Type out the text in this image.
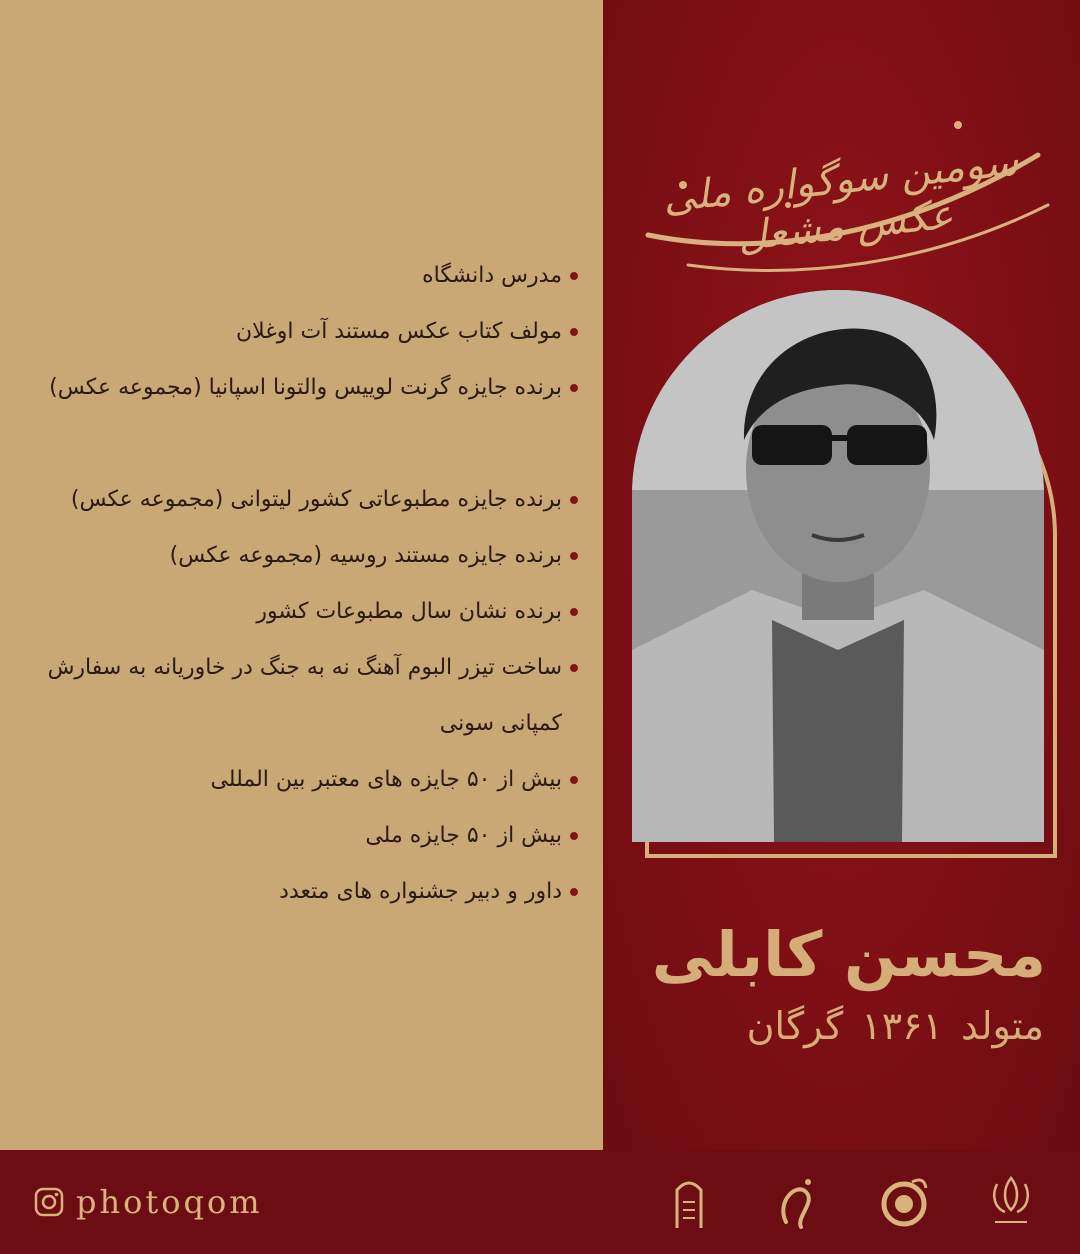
سومین سوگواره ملی عکس مشعل
محسن کابلی
متولد ۱۳۶۱ گرگان
مدرس دانشگاه
مولف کتاب عکس مستند آت اوغلان
برنده جایزه گرنت لوییس والتونا اسپانیا (مجموعه عکس)
برنده جایزه مطبوعاتی کشور لیتوانی (مجموعه عکس)
برنده جایزه مستند روسیه (مجموعه عکس)
برنده نشان سال مطبوعات کشور
ساخت تیزر البوم آهنگ نه به جنگ در خاوریانه به سفارش کمپانی سونی
بیش از ۵۰ جایزه های معتبر بین المللی
بیش از ۵۰ جایزه ملی
داور و دبیر جشنواره های متعدد
photoqom
